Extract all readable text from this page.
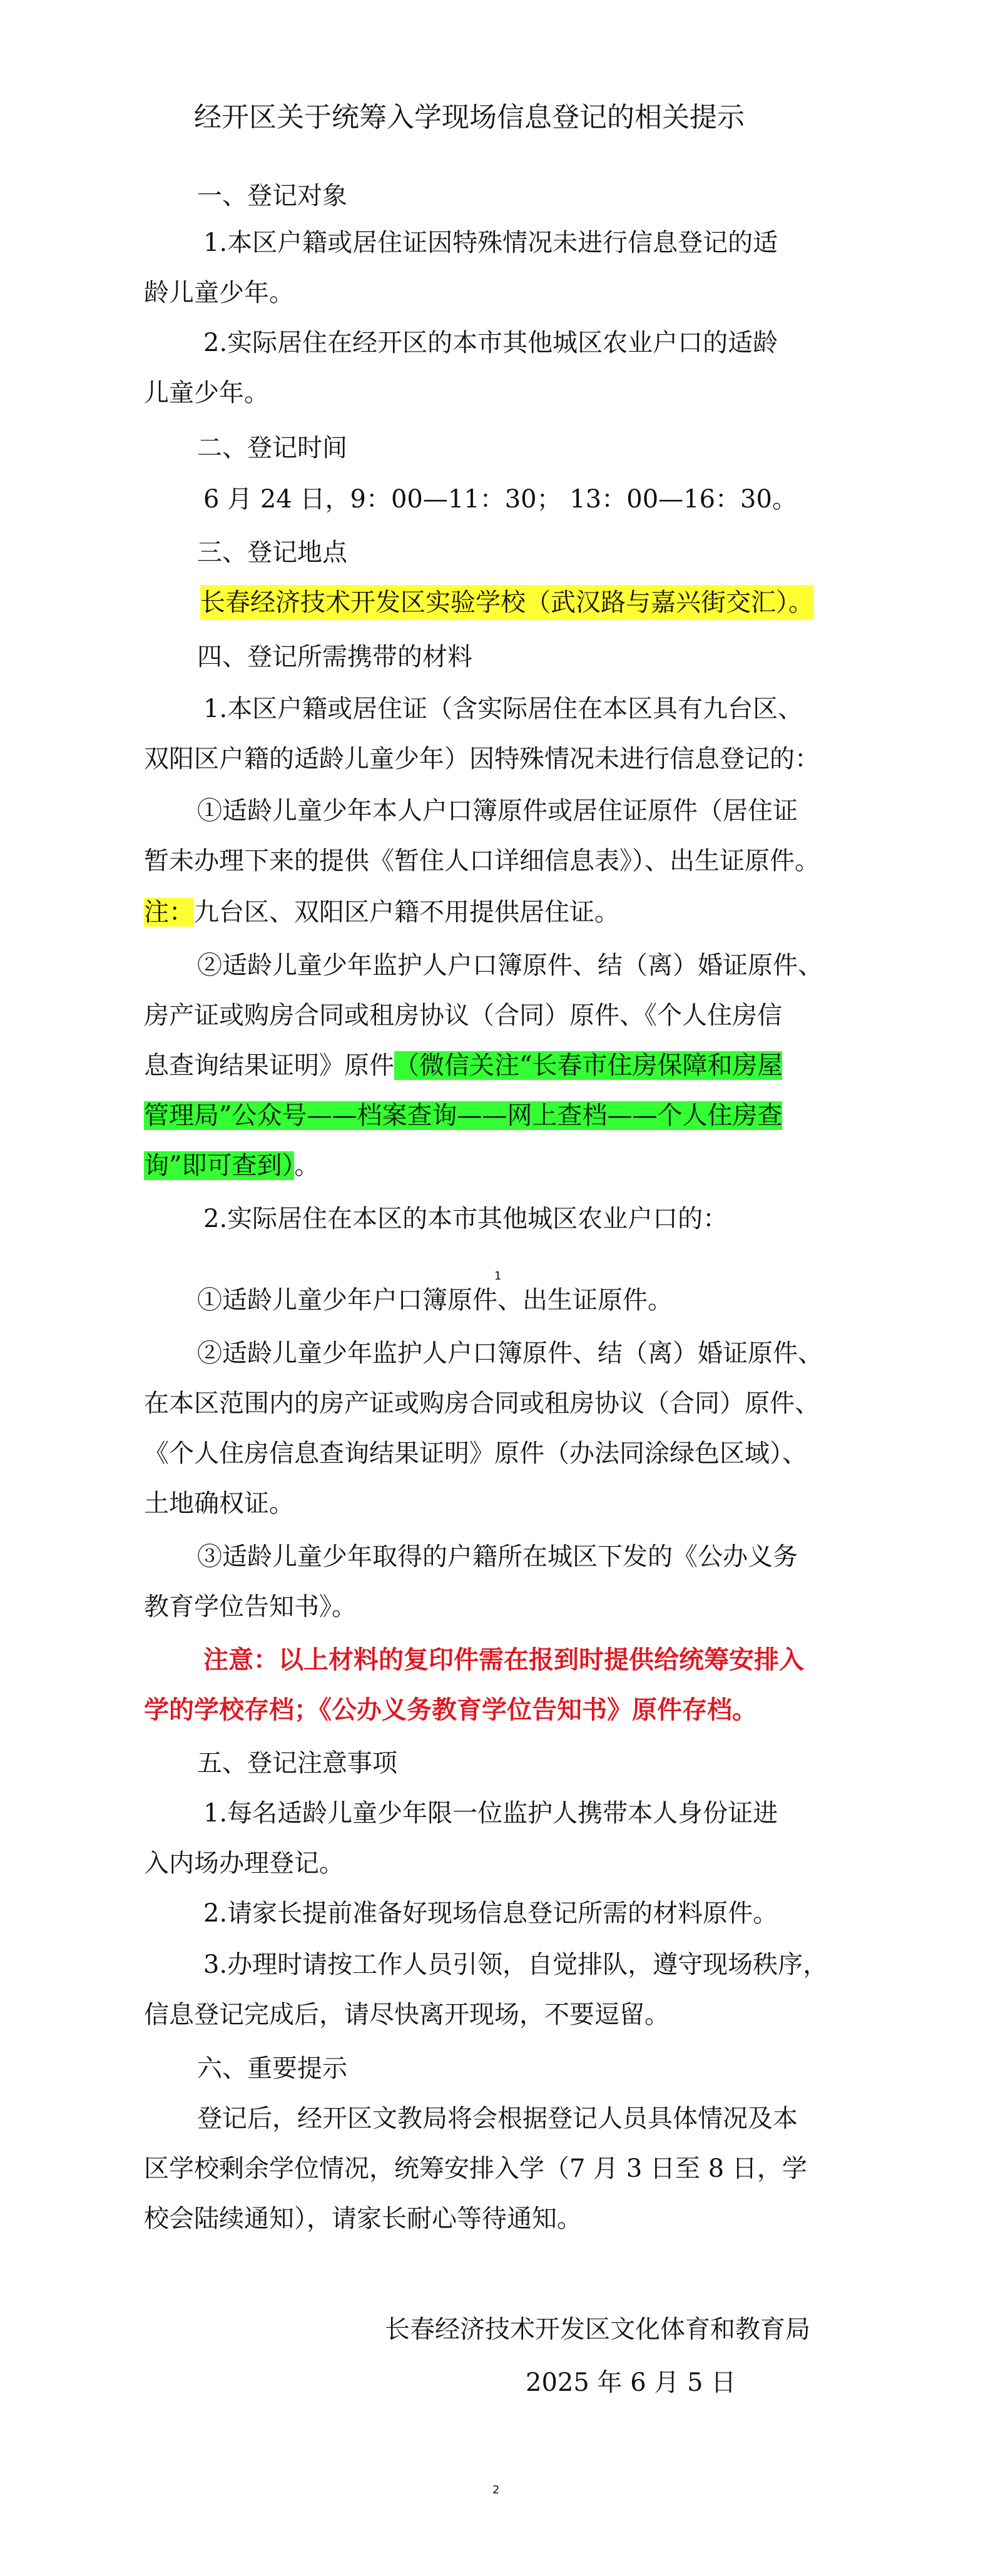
经开区关于统筹入学现场信息登记的相关提示
一、登记对象
1.本区户籍或居住证因特殊情况未进行信息登记的适
龄儿童少年。
2.实际居住在经开区的本市其他城区农业户口的适龄
儿童少年。
二、登记时间
6 月 24 日，9：00—11：30； 13：00—16：30。
三、登记地点
长春经济技术开发区实验学校（武汉路与嘉兴街交汇）。
四、登记所需携带的材料
1.本区户籍或居住证（含实际居住在本区具有九台区、
双阳区户籍的适龄儿童少年）因特殊情况未进行信息登记的：
①适龄儿童少年本人户口簿原件或居住证原件（居住证
暂未办理下来的提供《暂住人口详细信息表》）、出生证原件。
注：九台区、双阳区户籍不用提供居住证。
②适龄儿童少年监护人户口簿原件、结（离）婚证原件、
房产证或购房合同或租房协议（合同）原件、《个人住房信
息查询结果证明》原件（微信关注“长春市住房保障和房屋
管理局”公众号——档案查询——网上查档——个人住房查
询”即可查到）。
2.实际居住在本区的本市其他城区农业户口的：
1
①适龄儿童少年户口簿原件、出生证原件。
②适龄儿童少年监护人户口簿原件、结（离）婚证原件、
在本区范围内的房产证或购房合同或租房协议（合同）原件、
《个人住房信息查询结果证明》原件（办法同涂绿色区域）、
土地确权证。
③适龄儿童少年取得的户籍所在城区下发的《公办义务
教育学位告知书》。
注意：以上材料的复印件需在报到时提供给统筹安排入
学的学校存档；《公办义务教育学位告知书》原件存档。
五、登记注意事项
1.每名适龄儿童少年限一位监护人携带本人身份证进
入内场办理登记。
2.请家长提前准备好现场信息登记所需的材料原件。
3.办理时请按工作人员引领，自觉排队，遵守现场秩序，
信息登记完成后，请尽快离开现场，不要逗留。
六、重要提示
登记后，经开区文教局将会根据登记人员具体情况及本
区学校剩余学位情况，统筹安排入学（7 月 3 日至 8 日，学
校会陆续通知），请家长耐心等待通知。
长春经济技术开发区文化体育和教育局
2025 年 6 月 5 日
2
